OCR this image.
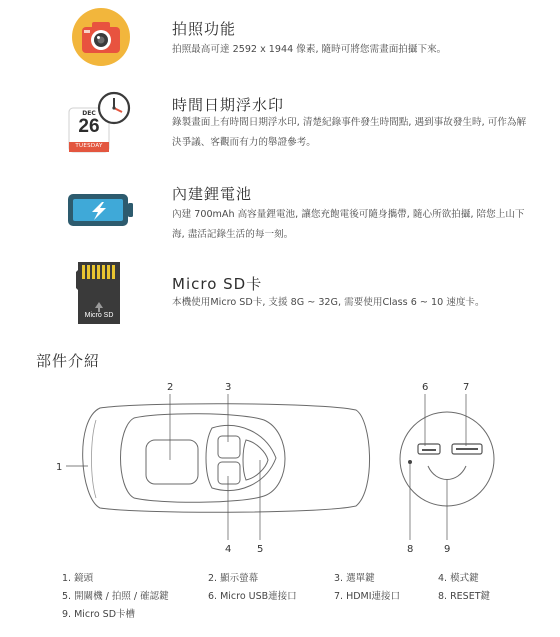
拍照功能
拍照最高可達 2592 x 1944 像素, 隨時可將您需畫面拍攝下來。
DEC
26
TUESDAY
時間日期浮水印
錄製畫面上有時間日期浮水印, 清楚紀錄事件發生時間點, 遇到事故發生時, 可作為解決爭議、客觀而有力的舉證參考。
內建鋰電池
內建 700mAh 高容量鋰電池, 讓您充飽電後可隨身攜帶, 隨心所欲拍攝, 陪您上山下海, 盡活記錄生活的每一刻。
Micro SD
Micro SD卡
本機使用Micro SD卡, 支援 8G ~ 32G, 需要使用Class 6 ~ 10 速度卡。
部件介紹
1
2	3
4	5
6	7
8	9
1. 鏡頭	2. 顯示螢幕	3. 選單鍵	4. 模式鍵
5. 開關機 / 拍照 / 確認鍵	6. Micro USB連接口	7. HDMI連接口	8. RESET鍵
9. Micro SD卡槽
